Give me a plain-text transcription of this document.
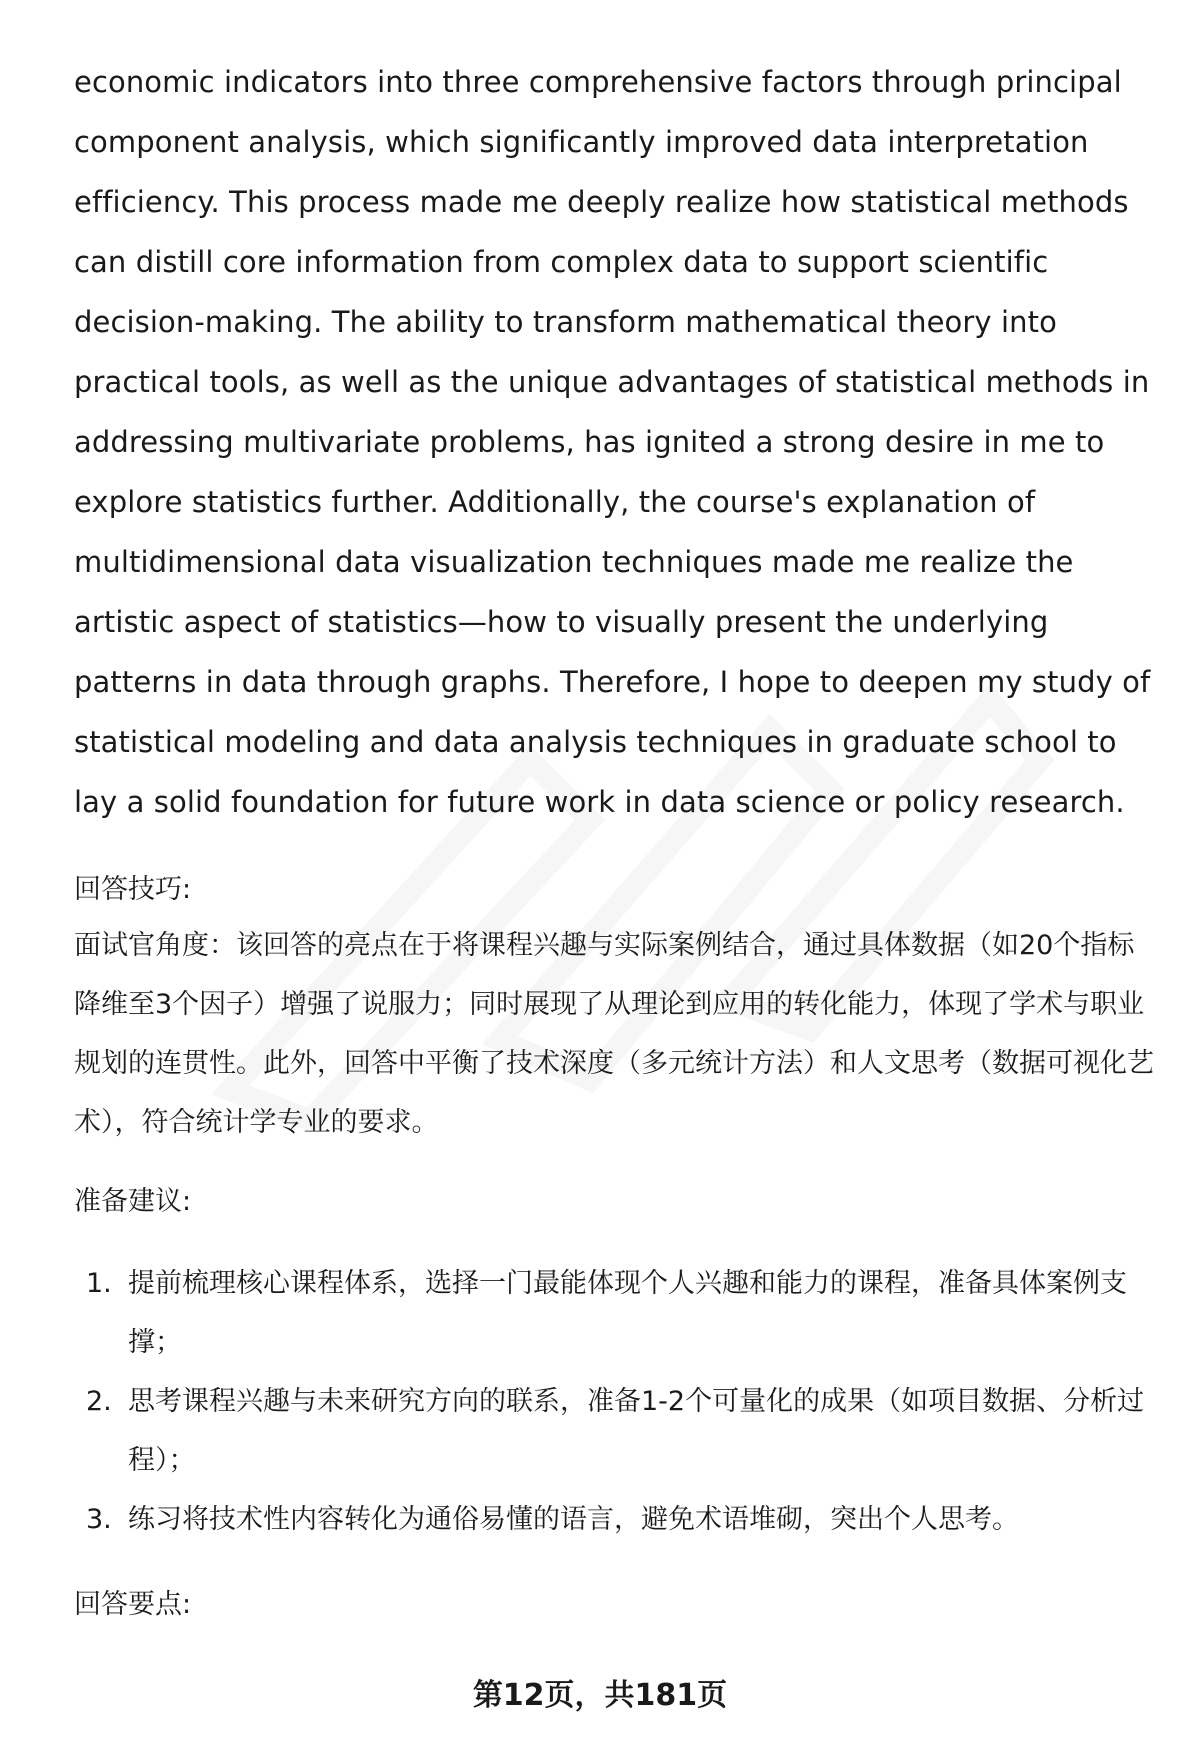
economic indicators into three comprehensive factors through principal component analysis, which significantly improved data interpretation efficiency. This process made me deeply realize how statistical methods can distill core information from complex data to support scientific decision-making. The ability to transform mathematical theory into practical tools, as well as the unique advantages of statistical methods in addressing multivariate problems, has ignited a strong desire in me to explore statistics further. Additionally, the course's explanation of multidimensional data visualization techniques made me realize the artistic aspect of statistics—how to visually present the underlying patterns in data through graphs. Therefore, I hope to deepen my study of statistical modeling and data analysis techniques in graduate school to lay a solid foundation for future work in data science or policy research.

回答技巧:

面试官角度：该回答的亮点在于将课程兴趣与实际案例结合，通过具体数据（如20个指标降维至3个因子）增强了说服力；同时展现了从理论到应用的转化能力，体现了学术与职业规划的连贯性。此外，回答中平衡了技术深度（多元统计方法）和人文思考（数据可视化艺术），符合统计学专业的要求。

准备建议:

1. 提前梳理核心课程体系，选择一门最能体现个人兴趣和能力的课程，准备具体案例支撑；
2. 思考课程兴趣与未来研究方向的联系，准备1-2个可量化的成果（如项目数据、分析过程）；
3. 练习将技术性内容转化为通俗易懂的语言，避免术语堆砌，突出个人思考。

回答要点:

第12页，共181页
